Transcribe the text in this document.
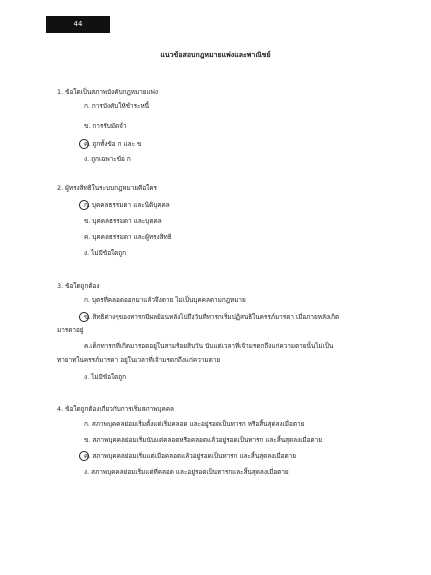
44
แนวข้อสอบกฎหมายแพ่งและพาณิชย์
1. ข้อใดเป็นสภาพบังคับกฎหมายแพ่ง
ก. การบังคับให้ชำระหนี้
ข. การรับมัดจำ
ค. ถูกทั้งข้อ ก และ ข
ง. ถูกเฉพาะข้อ ก
2. ผู้ทรงสิทธิในระบบกฎหมายคือใคร
ก. บุคคลธรรมดา และนิติบุคคล
ข. บุคคลธรรมดา และบุคคล
ค. บุคคลธรรมดา และผู้ทรงสิทธิ
ง. ไม่มีข้อใดถูก
3. ข้อใดถูกต้อง
ก. บุตรที่คลอดออกมาแล้วจึงตาย ไม่เป็นบุคคลตามกฎหมาย
ข. สิทธิต่างๆของทารกมีผลย้อนหลังไปถึงวันที่ทารกเริ่มปฏิสนธิในครรภ์มารดา เมื่อภายหลังเกิด
มารดาอยู่
ค.เด็กทารกที่เกิดมารอดอยู่ในสามร้อยสิบวัน นับแต่เวลาที่เจ้ามรดกถึงแก่ความตายนั้นไม่เป็น
ทายาทในครรภ์มารดา อยู่ในเวลาที่เจ้ามรดกถึงแก่ความตาย
ง. ไม่มีข้อใดถูก
4. ข้อใดถูกต้องเกี่ยวกับการเริ่มสภาพบุคคล
ก. สภาพบุคคลย่อมเริ่มตั้งแต่เริ่มคลอด และอยู่รอดเป็นทารก หรือสิ้นสุดลงเมื่อตาย
ข. สภาพบุคคลย่อมเริ่มนับแต่คลอดหรือคลอดแล้วอยู่รอดเป็นทารก และสิ้นสุดลงเมื่อตาย
ค. สภาพบุคคลย่อมเริ่มแต่เมื่อคลอดแล้วอยู่รอดเป็นทารก และสิ้นสุดลงเมื่อตาย
ง. สภาพบุคคลย่อมเริ่มแต่ที่คลอด และอยู่รอดเป็นทารกและสิ้นสุดลงเมื่อตาย
